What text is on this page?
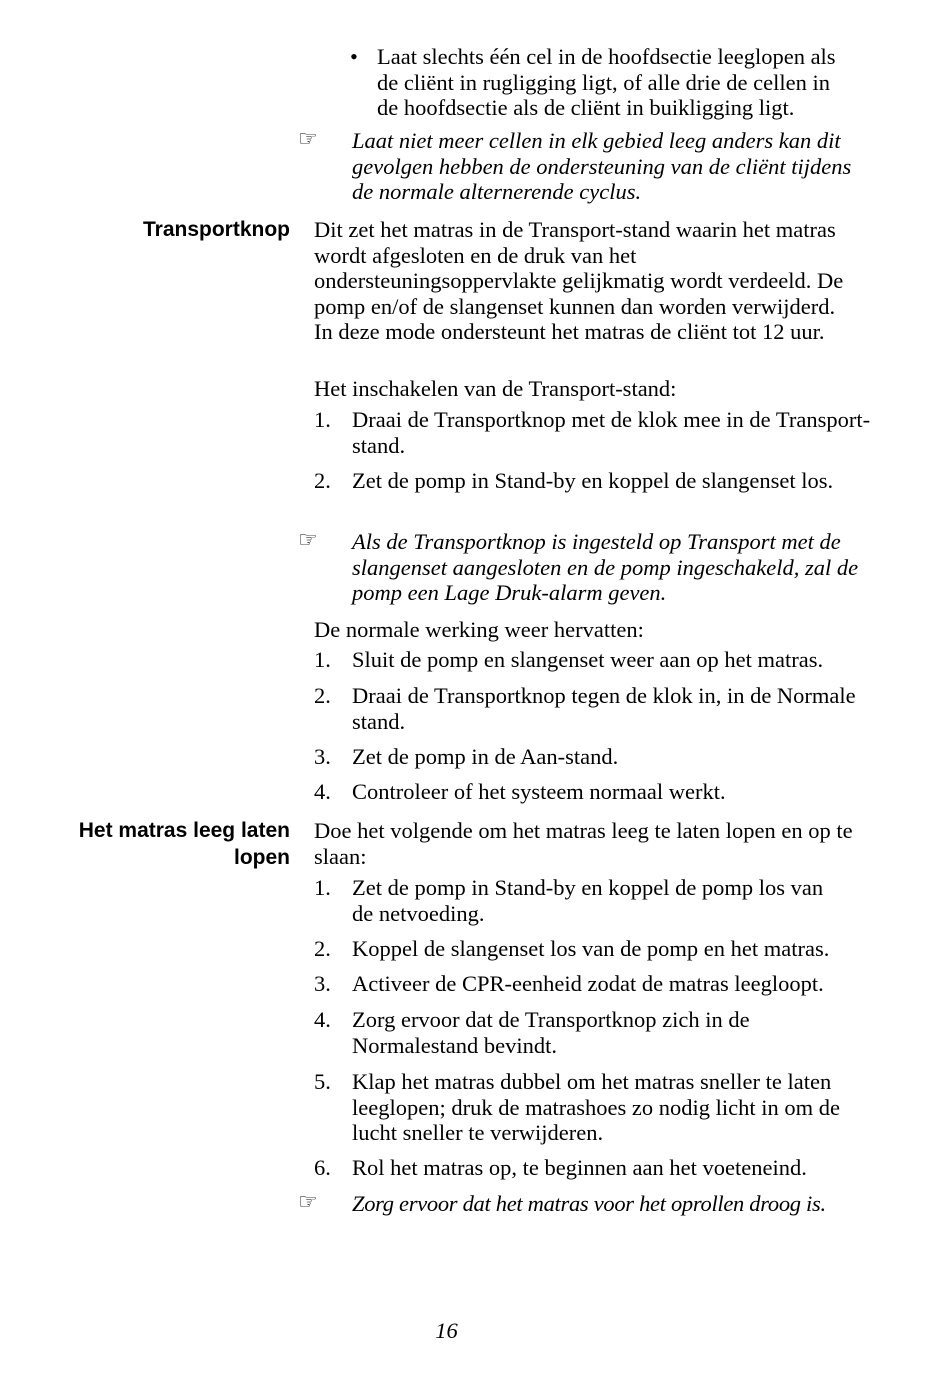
• Laat slechts één cel in de hoofdsectie leeglopen als de cliënt in rugligging ligt, of alle drie de cellen in de hoofdsectie als de cliënt in buikligging ligt.
☞ Laat niet meer cellen in elk gebied leeg anders kan dit gevolgen hebben de ondersteuning van de cliënt tijdens de normale alternerende cyclus.
Transportknop Dit zet het matras in de Transport-stand waarin het matras wordt afgesloten en de druk van het ondersteuningsoppervlakte gelijkmatig wordt verdeeld. De pomp en/of de slangenset kunnen dan worden verwijderd. In deze mode ondersteunt het matras de cliënt tot 12 uur.
Het inschakelen van de Transport-stand:
1. Draai de Transportknop met de klok mee in de Transport-stand.
2. Zet de pomp in Stand-by en koppel de slangenset los.
☞ Als de Transportknop is ingesteld op Transport met de slangenset aangesloten en de pomp ingeschakeld, zal de pomp een Lage Druk-alarm geven.
De normale werking weer hervatten:
1. Sluit de pomp en slangenset weer aan op het matras.
2. Draai de Transportknop tegen de klok in, in de Normale stand.
3. Zet de pomp in de Aan-stand.
4. Controleer of het systeem normaal werkt.
Het matras leeg laten
lopen
Doe het volgende om het matras leeg te laten lopen en op te slaan:
1. Zet de pomp in Stand-by en koppel de pomp los van de netvoeding.
2. Koppel de slangenset los van de pomp en het matras.
3. Activeer de CPR-eenheid zodat de matras leegloopt.
4. Zorg ervoor dat de Transportknop zich in de Normalestand bevindt.
5. Klap het matras dubbel om het matras sneller te laten leeglopen; druk de matrashoes zo nodig licht in om de lucht sneller te verwijderen.
6. Rol het matras op, te beginnen aan het voeteneind.
☞ Zorg ervoor dat het matras voor het oprollen droog is.
16
